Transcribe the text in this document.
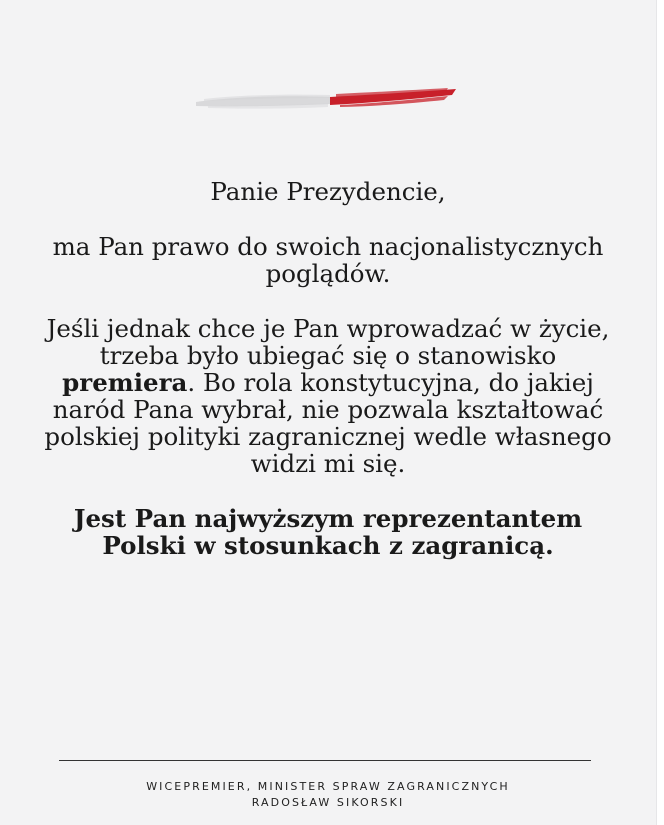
Panie Prezydencie,

ma Pan prawo do swoich nacjonalistycznych poglądów.

Jeśli jednak chce je Pan wprowadzać w życie, trzeba było ubiegać się o stanowisko premiera. Bo rola konstytucyjna, do jakiej naród Pana wybrał, nie pozwala kształtować polskiej polityki zagranicznej wedle własnego widzi mi się.

Jest Pan najwyższym reprezentantem Polski w stosunkach z zagranicą.

WICEPREMIER, MINISTER SPRAW ZAGRANICZNYCH
RADOSŁAW SIKORSKI
